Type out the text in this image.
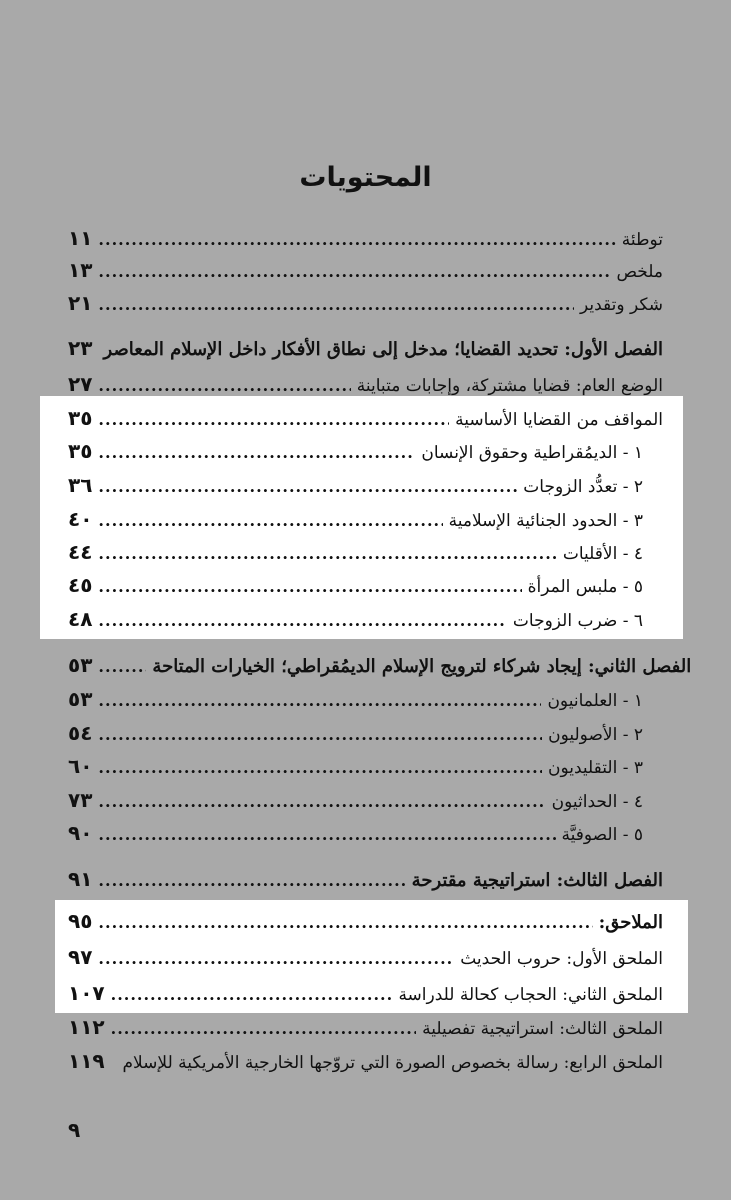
المحتويات
١١ .....	توطئة
١٣ .....	ملخص
٢١ .....	شكر وتقدير
٢٣ الفصل الأول: تحديد القضايا؛ مدخل إلى نطاق الأفكار داخل الإسلام المعاصر
٢٧ .....	الوضع العام: قضايا مشتركة، وإجابات متباينة
٣٥ .....	المواقف من القضايا الأساسية
٣٥ .....	١ - الديمُقراطية وحقوق الإنسان
٣٦ .....	٢ - تعدُّد الزوجات
٤٠ .....	٣ - الحدود الجنائية الإسلامية
٤٤ .....	٤ - الأقليات
٤٥ .....	٥ - ملبس المرأة
٤٨ .....	٦ - ضرب الزوجات
٥٣ .....	الفصل الثاني: إيجاد شركاء لترويج الإسلام الديمُقراطي؛ الخيارات المتاحة
٥٣ .....	١ - العلمانيون
٥٤ .....	٢ - الأصوليون
٦٠ .....	٣ - التقليديون
٧٣ .....	٤ - الحداثيون
٩٠ .....	٥ - الصوفيَّة
٩١ .....	الفصل الثالث: استراتيجية مقترحة
٩٥ .....	الملاحق:
٩٧ .....	الملحق الأول: حروب الحديث
١٠٧ .....	الملحق الثاني: الحجاب كحالة للدراسة
١١٢ .....	الملحق الثالث: استراتيجية تفصيلية
١١٩ الملحق الرابع: رسالة بخصوص الصورة التي تروّجها الخارجية الأمريكية للإسلام
٩
